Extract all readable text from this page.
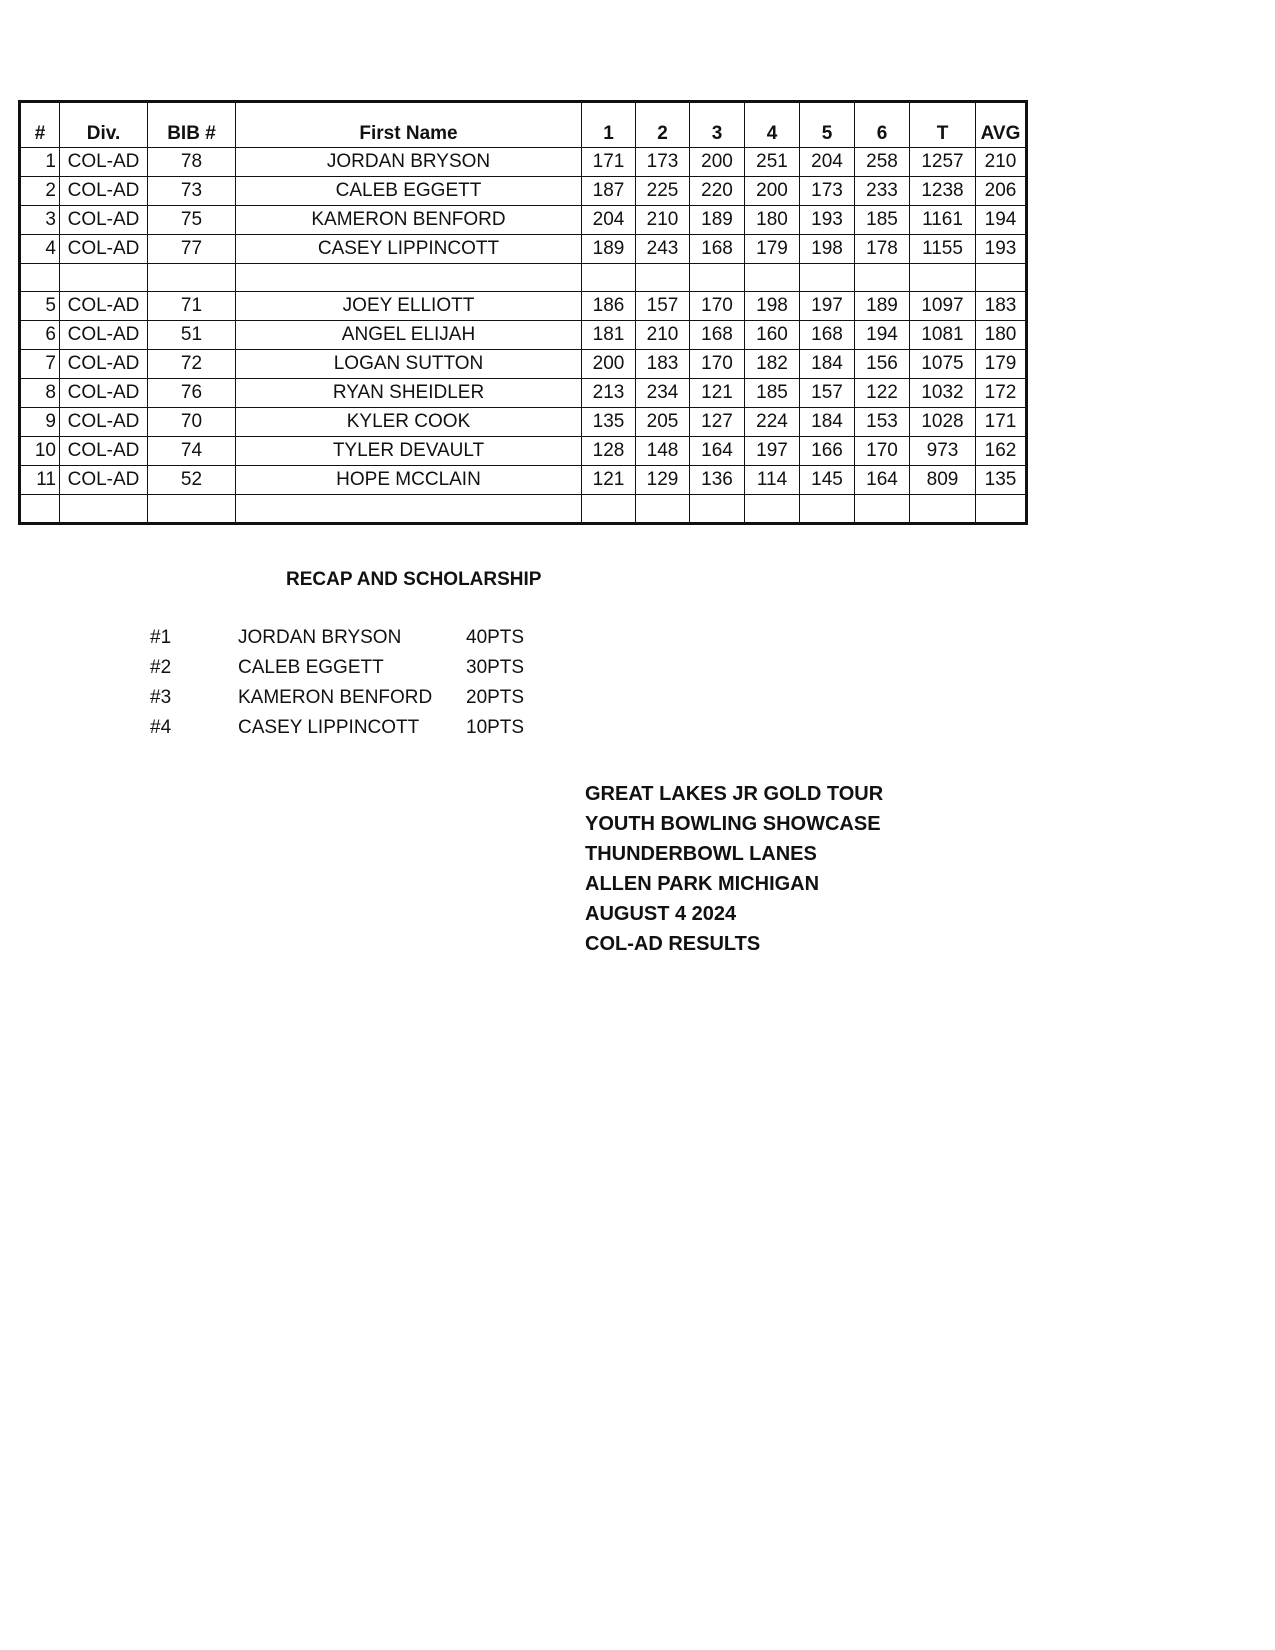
#	Div.	BIB #	First Name	1	2	3	4	5	6	T	AVG
1	COL-AD	78	JORDAN BRYSON	171	173	200	251	204	258	1257	210
2	COL-AD	73	CALEB EGGETT	187	225	220	200	173	233	1238	206
3	COL-AD	75	KAMERON BENFORD	204	210	189	180	193	185	1161	194
4	COL-AD	77	CASEY LIPPINCOTT	189	243	168	179	198	178	1155	193

5	COL-AD	71	JOEY ELLIOTT	186	157	170	198	197	189	1097	183
6	COL-AD	51	ANGEL ELIJAH	181	210	168	160	168	194	1081	180
7	COL-AD	72	LOGAN SUTTON	200	183	170	182	184	156	1075	179
8	COL-AD	76	RYAN SHEIDLER	213	234	121	185	157	122	1032	172
9	COL-AD	70	KYLER COOK	135	205	127	224	184	153	1028	171
10	COL-AD	74	TYLER DEVAULT	128	148	164	197	166	170	973	162
11	COL-AD	52	HOPE MCCLAIN	121	129	136	114	145	164	809	135

RECAP AND SCHOLARSHIP
#1	JORDAN BRYSON	40PTS
#2	CALEB EGGETT	30PTS
#3	KAMERON BENFORD 20PTS
#4	CASEY LIPPINCOTT 10PTS
GREAT LAKES JR GOLD TOUR
YOUTH BOWLING SHOWCASE
THUNDERBOWL LANES
ALLEN PARK MICHIGAN
AUGUST 4 2024
COL-AD RESULTS
